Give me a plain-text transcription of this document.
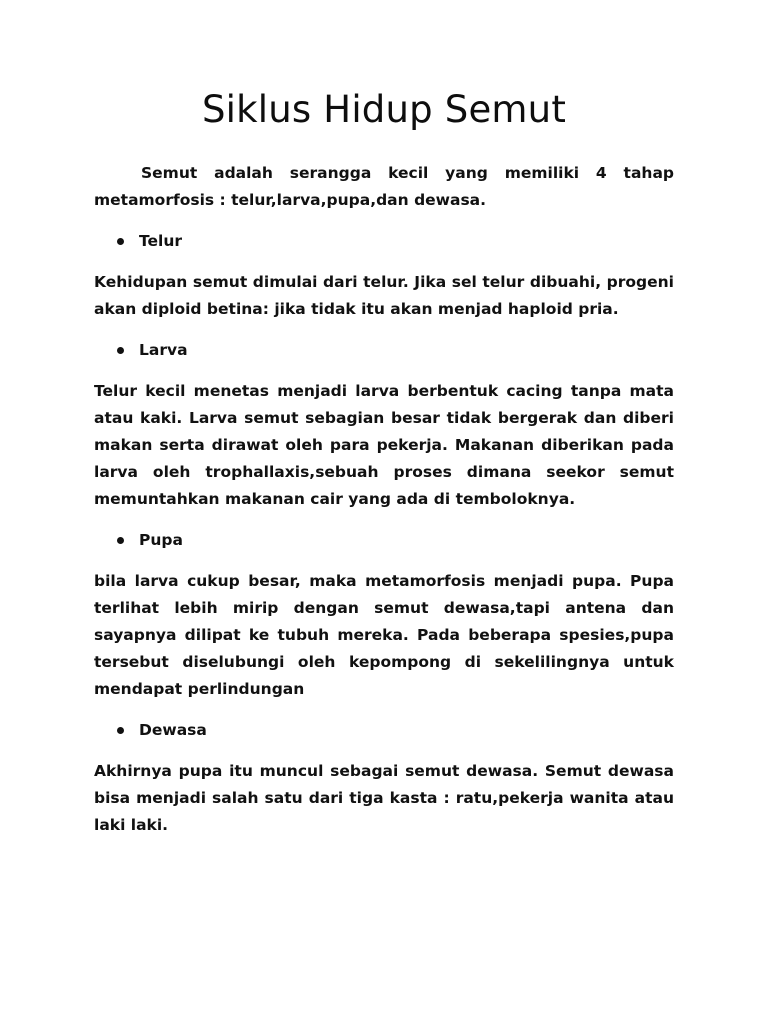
Siklus Hidup Semut

Semut adalah serangga kecil yang memiliki 4 tahap metamorfosis : telur,larva,pupa,dan dewasa.

Telur

Kehidupan semut dimulai dari telur. Jika sel telur dibuahi, progeni akan diploid betina: jika tidak itu akan menjad haploid pria.

Larva

Telur kecil menetas menjadi larva berbentuk cacing tanpa mata atau kaki. Larva semut sebagian besar tidak bergerak dan diberi makan serta dirawat oleh para pekerja. Makanan diberikan pada larva oleh trophallaxis,sebuah proses dimana seekor semut memuntahkan makanan cair yang ada di temboloknya.

Pupa

bila larva cukup besar, maka metamorfosis menjadi pupa. Pupa terlihat lebih mirip dengan semut dewasa,tapi antena dan sayapnya dilipat ke tubuh mereka. Pada beberapa spesies,pupa tersebut diselubungi oleh kepompong di sekelilingnya untuk mendapat perlindungan

Dewasa

Akhirnya pupa itu muncul sebagai semut dewasa. Semut dewasa bisa menjadi salah satu dari tiga kasta : ratu,pekerja wanita atau laki laki.
